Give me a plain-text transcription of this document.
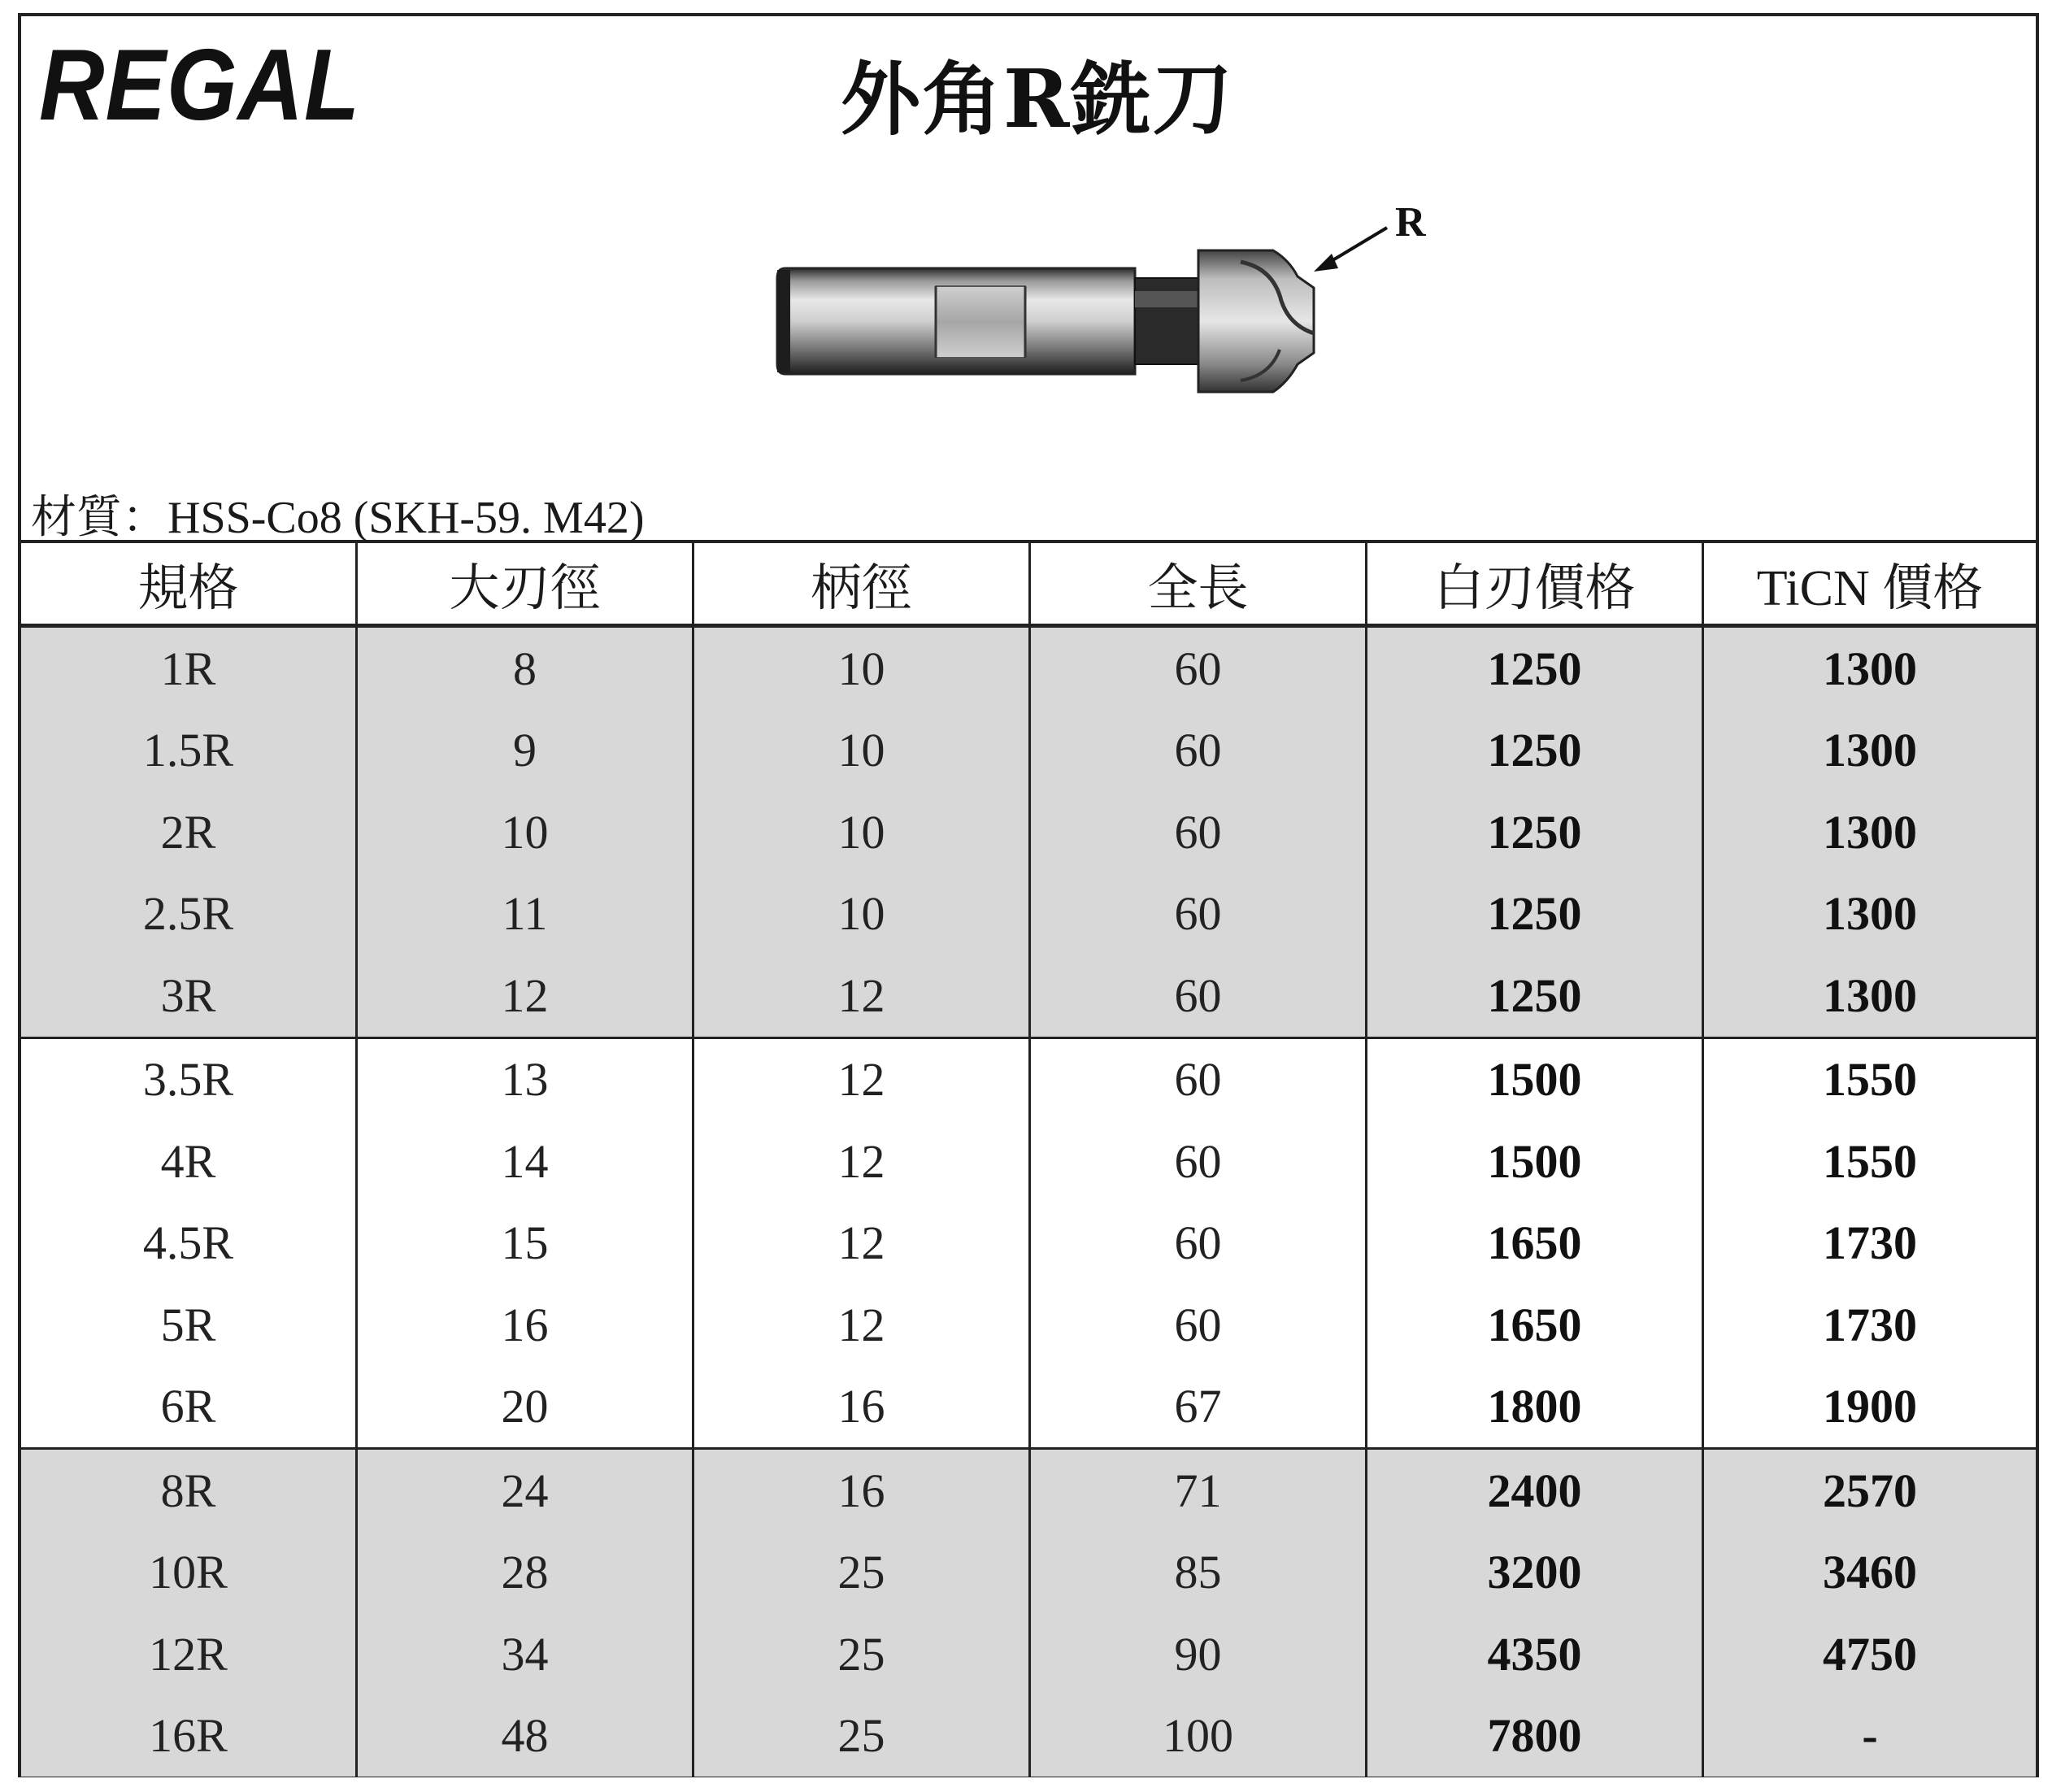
REGAL	外角R銑刀
R
材質：HSS-Co8 (SKH-59. M42)
規格	大刃徑	柄徑	全長	白刃價格	TiCN 價格
1R	8	10	60	1250	1300
1.5R	9	10	60	1250	1300
2R	10	10	60	1250	1300
2.5R	11	10	60	1250	1300
3R	12	12	60	1250	1300
3.5R	13	12	60	1500	1550
4R	14	12	60	1500	1550
4.5R	15	12	60	1650	1730
5R	16	12	60	1650	1730
6R	20	16	67	1800	1900
8R	24	16	71	2400	2570
10R	28	25	85	3200	3460
12R	34	25	90	4350	4750
16R	48	25	100	7800	-
